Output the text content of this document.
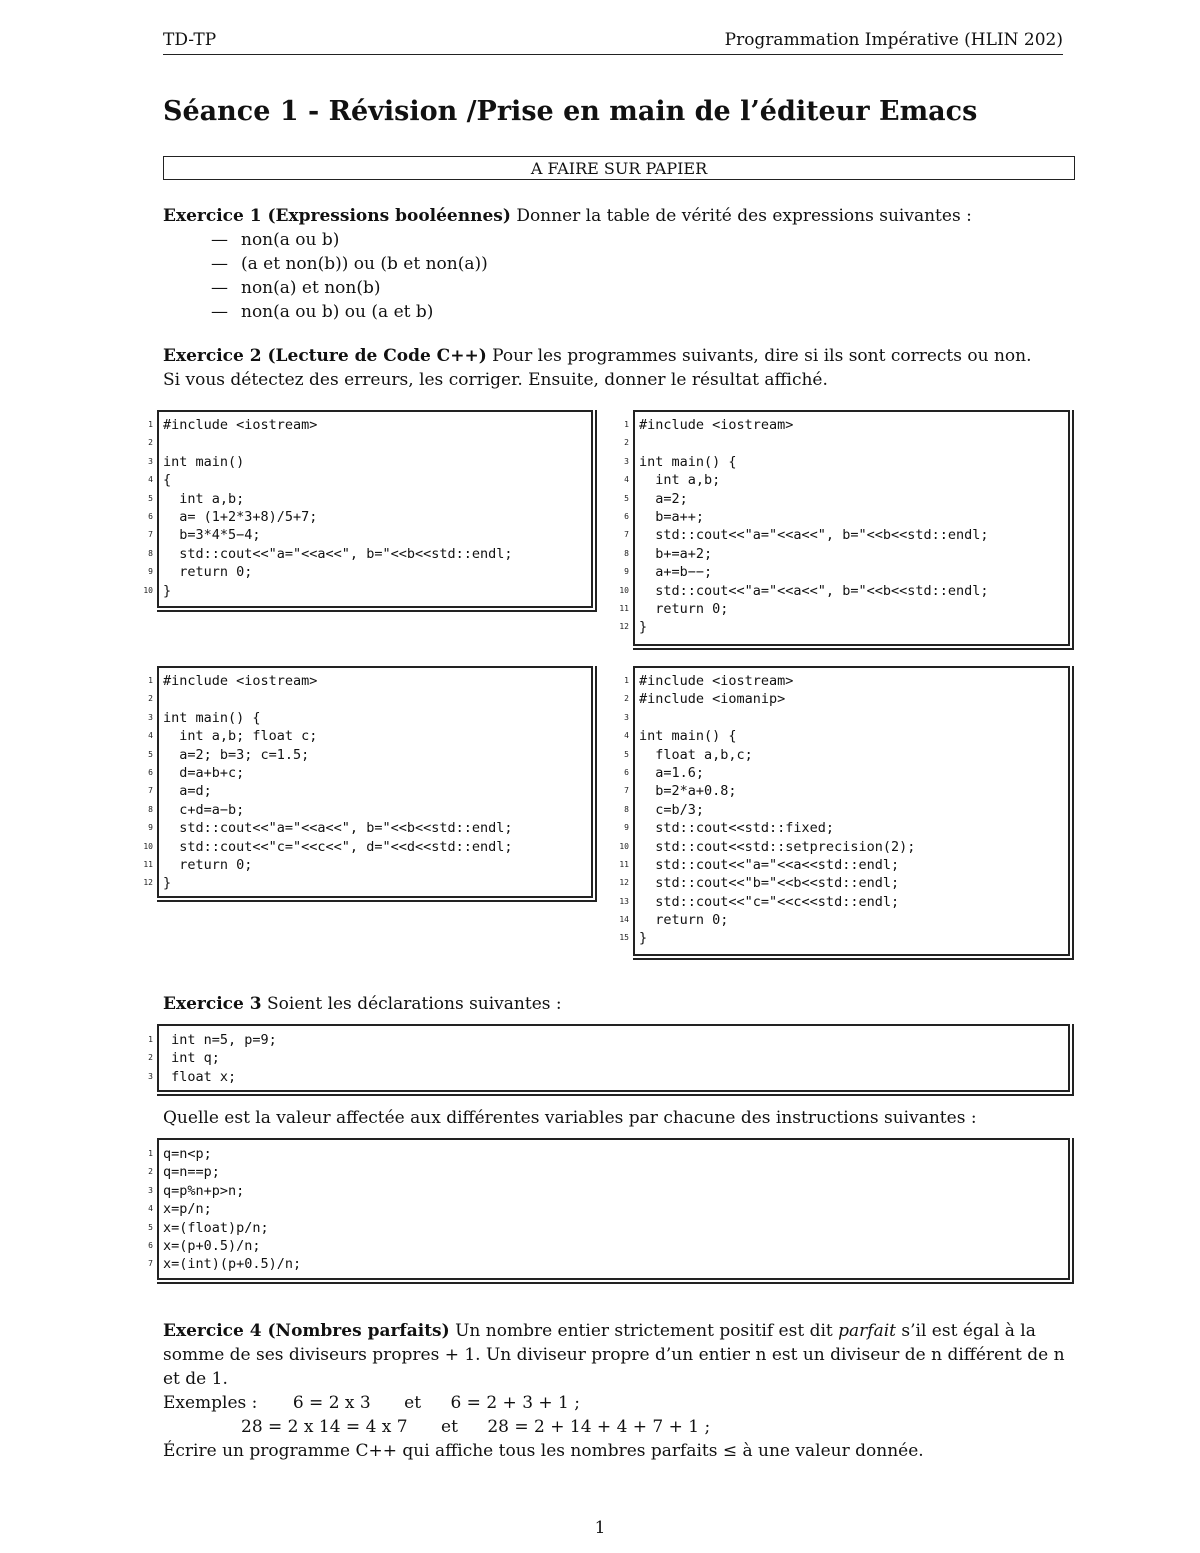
TD-TP	Programmation Impérative (HLIN 202)
Séance 1 - Révision /Prise en main de l’éditeur Emacs
A FAIRE SUR PAPIER
Exercice 1 (Expressions booléennes) Donner la table de vérité des expressions suivantes :
— non(a ou b)
— (a et non(b)) ou (b et non(a))
— non(a) et non(b)
— non(a ou b) ou (a et b)
Exercice 2 (Lecture de Code C++) Pour les programmes suivants, dire si ils sont corrects ou non.
Si vous détectez des erreurs, les corriger. Ensuite, donner le résultat affiché.
1 #include <iostream>
2
3 int main()
4 {
5 int a,b;
6 a= (1+2*3+8)/5+7;
7 b=3*4*5−4;
8 std::cout<<"a="<<a<<", b="<<b<<std::endl;
9 return 0;
10 }
1 #include <iostream>
2
3 int main() {
4 int a,b;
5 a=2;
6 b=a++;
7 std::cout<<"a="<<a<<", b="<<b<<std::endl;
8 b+=a+2;
9 a+=b−−;
10 std::cout<<"a="<<a<<", b="<<b<<std::endl;
11 return 0;
12 }
1 #include <iostream>
2
3 int main() {
4 int a,b; float c;
5 a=2; b=3; c=1.5;
6 d=a+b+c;
7 a=d;
8 c+d=a−b;
9 std::cout<<"a="<<a<<", b="<<b<<std::endl;
10 std::cout<<"c="<<c<<", d="<<d<<std::endl;
11 return 0;
12 }
1 #include <iostream>
2 #include <iomanip>
3
4 int main() {
5 float a,b,c;
6 a=1.6;
7 b=2*a+0.8;
8 c=b/3;
9 std::cout<<std::fixed;
10 std::cout<<std::setprecision(2);
11 std::cout<<"a="<<a<<std::endl;
12 std::cout<<"b="<<b<<std::endl;
13 std::cout<<"c="<<c<<std::endl;
14 return 0;
15 }
Exercice 3 Soient les déclarations suivantes :
1 int n=5, p=9;
2 int q;
3 float x;
Quelle est la valeur affectée aux différentes variables par chacune des instructions suivantes :
1 q=n<p;
2 q=n==p;
3 q=p%n+p>n;
4 x=p/n;
5 x=(float)p/n;
6 x=(p+0.5)/n;
7 x=(int)(p+0.5)/n;
Exercice 4 (Nombres parfaits) Un nombre entier strictement positif est dit parfait s’il est égal à la
somme de ses diviseurs propres + 1. Un diviseur propre d’un entier n est un diviseur de n différent de n
et de 1.
Exemples : 6 = 2 x 3 et 6 = 2 + 3 + 1 ;
28 = 2 x 14 = 4 x 7 et 28 = 2 + 14 + 4 + 7 + 1 ;
Écrire un programme C++ qui affiche tous les nombres parfaits ≤ à une valeur donnée.
1
